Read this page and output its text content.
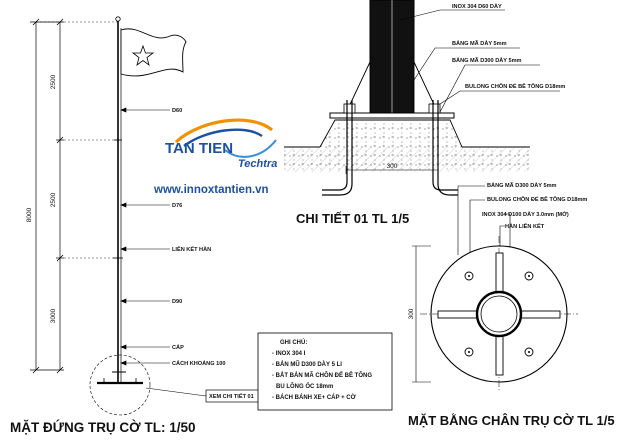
8000
2500
2500
3000
D60
D76
LIÊN KẾT HÀN
D90
CÁP
CÁCH KHOẢNG 100
XEM CHI TIẾT 01
GHI CHÚ:
- INOX 304 I
- BẢN MŨ D300 DÀY 5 LI
- BẮT BẢN MÃ CHÔN ĐỂ BÊ TÔNG
BU LÔNG ỐC 18mm
- BÁCH BÁNH XE+ CÁP + CỜ
MẶT ĐỨNG TRỤ CỜ TL: 1/50
TAN TIEN
Techtra
www.innoxtantien.vn
300
INOX 304 D60 DÀY
BẢNG MÃ DÀY 5mm
BẢNG MÃ D300 DÀY 5mm
BULONG CHÔN ĐỂ BÊ TÔNG D18mm
CHI TIẾT 01 TL 1/5
BẢNG MÃ D300 DÀY 5mm
BULONG CHÔN ĐỂ BÊ TÔNG D18mm
INOX 304 D100 DÀY 3.0mm (MỞ)
HÀN LIÊN KẾT
300
MẶT BẰNG CHÂN TRỤ CỜ TL 1/5
